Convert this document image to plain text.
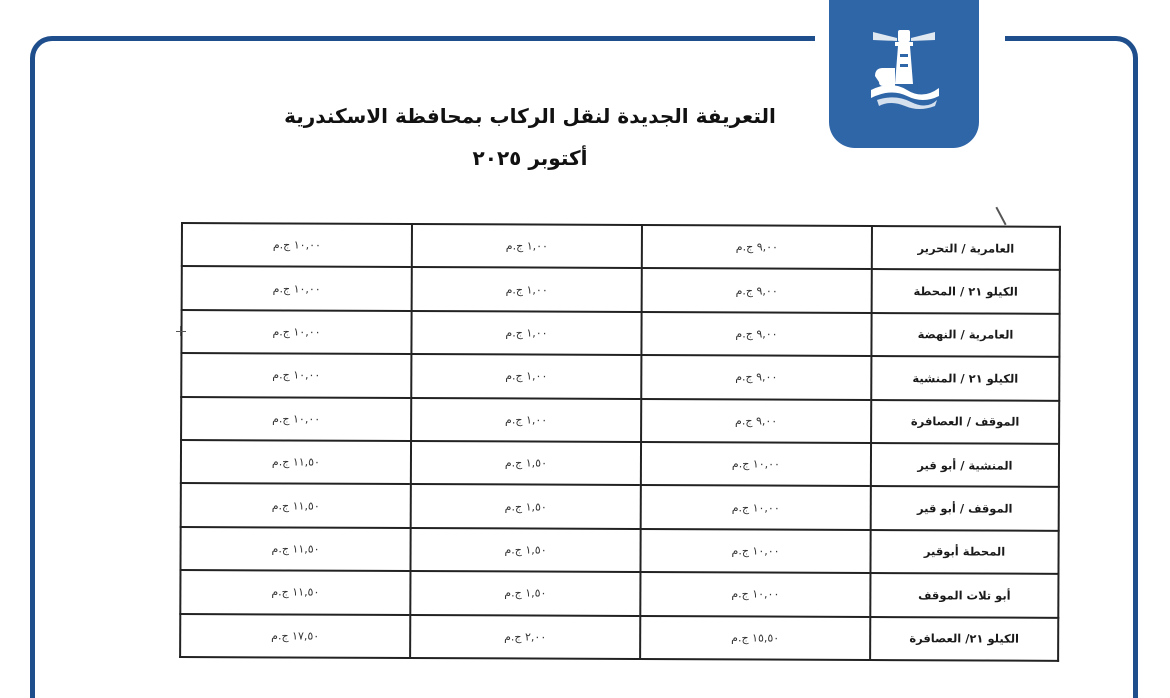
التعريفة الجديدة لنقل الركاب بمحافظة الاسكندرية
أكتوبر ٢٠٢٥
العامرية / التحرير	٩,٠٠ ج.م	١,٠٠ ج.م	١٠,٠٠ ج.م
الكيلو ٢١ / المحطة	٩,٠٠ ج.م	١,٠٠ ج.م	١٠,٠٠ ج.م
العامرية / النهضة	٩,٠٠ ج.م	١,٠٠ ج.م	١٠,٠٠ ج.م
الكيلو ٢١ / المنشية	٩,٠٠ ج.م	١,٠٠ ج.م	١٠,٠٠ ج.م
الموقف / العصافرة	٩,٠٠ ج.م	١,٠٠ ج.م	١٠,٠٠ ج.م
المنشية / أبو قير	١٠,٠٠ ج.م	١,٥٠ ج.م	١١,٥٠ ج.م
الموقف / أبو قير	١٠,٠٠ ج.م	١,٥٠ ج.م	١١,٥٠ ج.م
المحطة أبوقير	١٠,٠٠ ج.م	١,٥٠ ج.م	١١,٥٠ ج.م
أبو تلات الموقف	١٠,٠٠ ج.م	١,٥٠ ج.م	١١,٥٠ ج.م
الكيلو ٢١/ العصافرة	١٥,٥٠ ج.م	٢,٠٠ ج.م	١٧,٥٠ ج.م
